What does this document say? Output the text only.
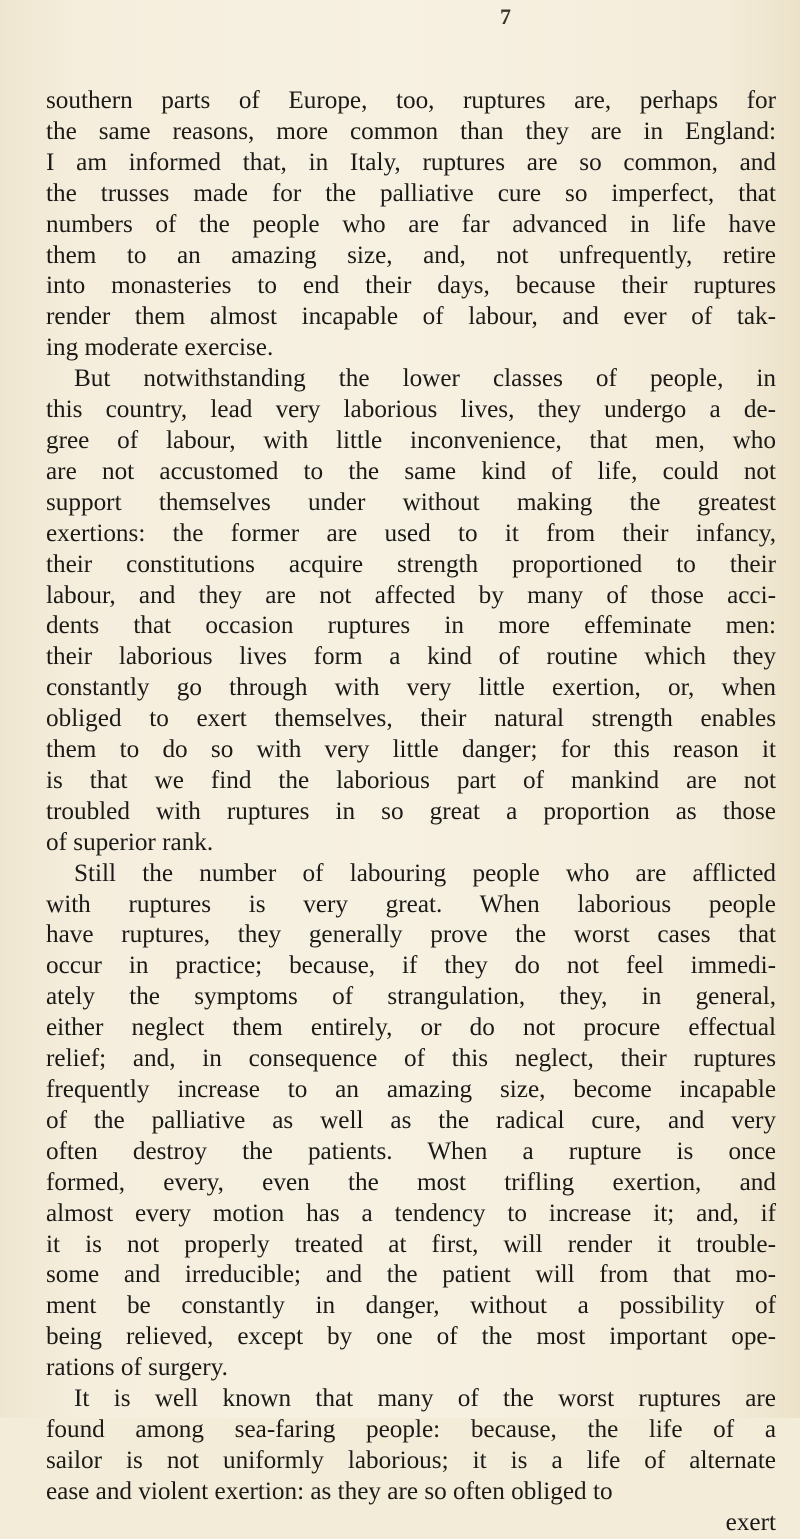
7
southern parts of Europe, too, ruptures are, perhaps for
the same reasons, more common than they are in England:
I am informed that, in Italy, ruptures are so common, and
the trusses made for the palliative cure so imperfect, that
numbers of the people who are far advanced in life have
them to an amazing size, and, not unfrequently, retire
into monasteries to end their days, because their ruptures
render them almost incapable of labour, and ever of tak-
ing moderate exercise.
But notwithstanding the lower classes of people, in
this country, lead very laborious lives, they undergo a de-
gree of labour, with little inconvenience, that men, who
are not accustomed to the same kind of life, could not
support themselves under without making the greatest
exertions: the former are used to it from their infancy,
their constitutions acquire strength proportioned to their
labour, and they are not affected by many of those acci-
dents that occasion ruptures in more effeminate men:
their laborious lives form a kind of routine which they
constantly go through with very little exertion, or, when
obliged to exert themselves, their natural strength enables
them to do so with very little danger; for this reason it
is that we find the laborious part of mankind are not
troubled with ruptures in so great a proportion as those
of superior rank.
Still the number of labouring people who are afflicted
with ruptures is very great. When laborious people
have ruptures, they generally prove the worst cases that
occur in practice; because, if they do not feel immedi-
ately the symptoms of strangulation, they, in general,
either neglect them entirely, or do not procure effectual
relief; and, in consequence of this neglect, their ruptures
frequently increase to an amazing size, become incapable
of the palliative as well as the radical cure, and very
often destroy the patients. When a rupture is once
formed, every, even the most trifling exertion, and
almost every motion has a tendency to increase it; and, if
it is not properly treated at first, will render it trouble-
some and irreducible; and the patient will from that mo-
ment be constantly in danger, without a possibility of
being relieved, except by one of the most important ope-
rations of surgery.
It is well known that many of the worst ruptures are
found among sea-faring people: because, the life of a
sailor is not uniformly laborious; it is a life of alternate
ease and violent exertion: as they are so often obliged to
exert
